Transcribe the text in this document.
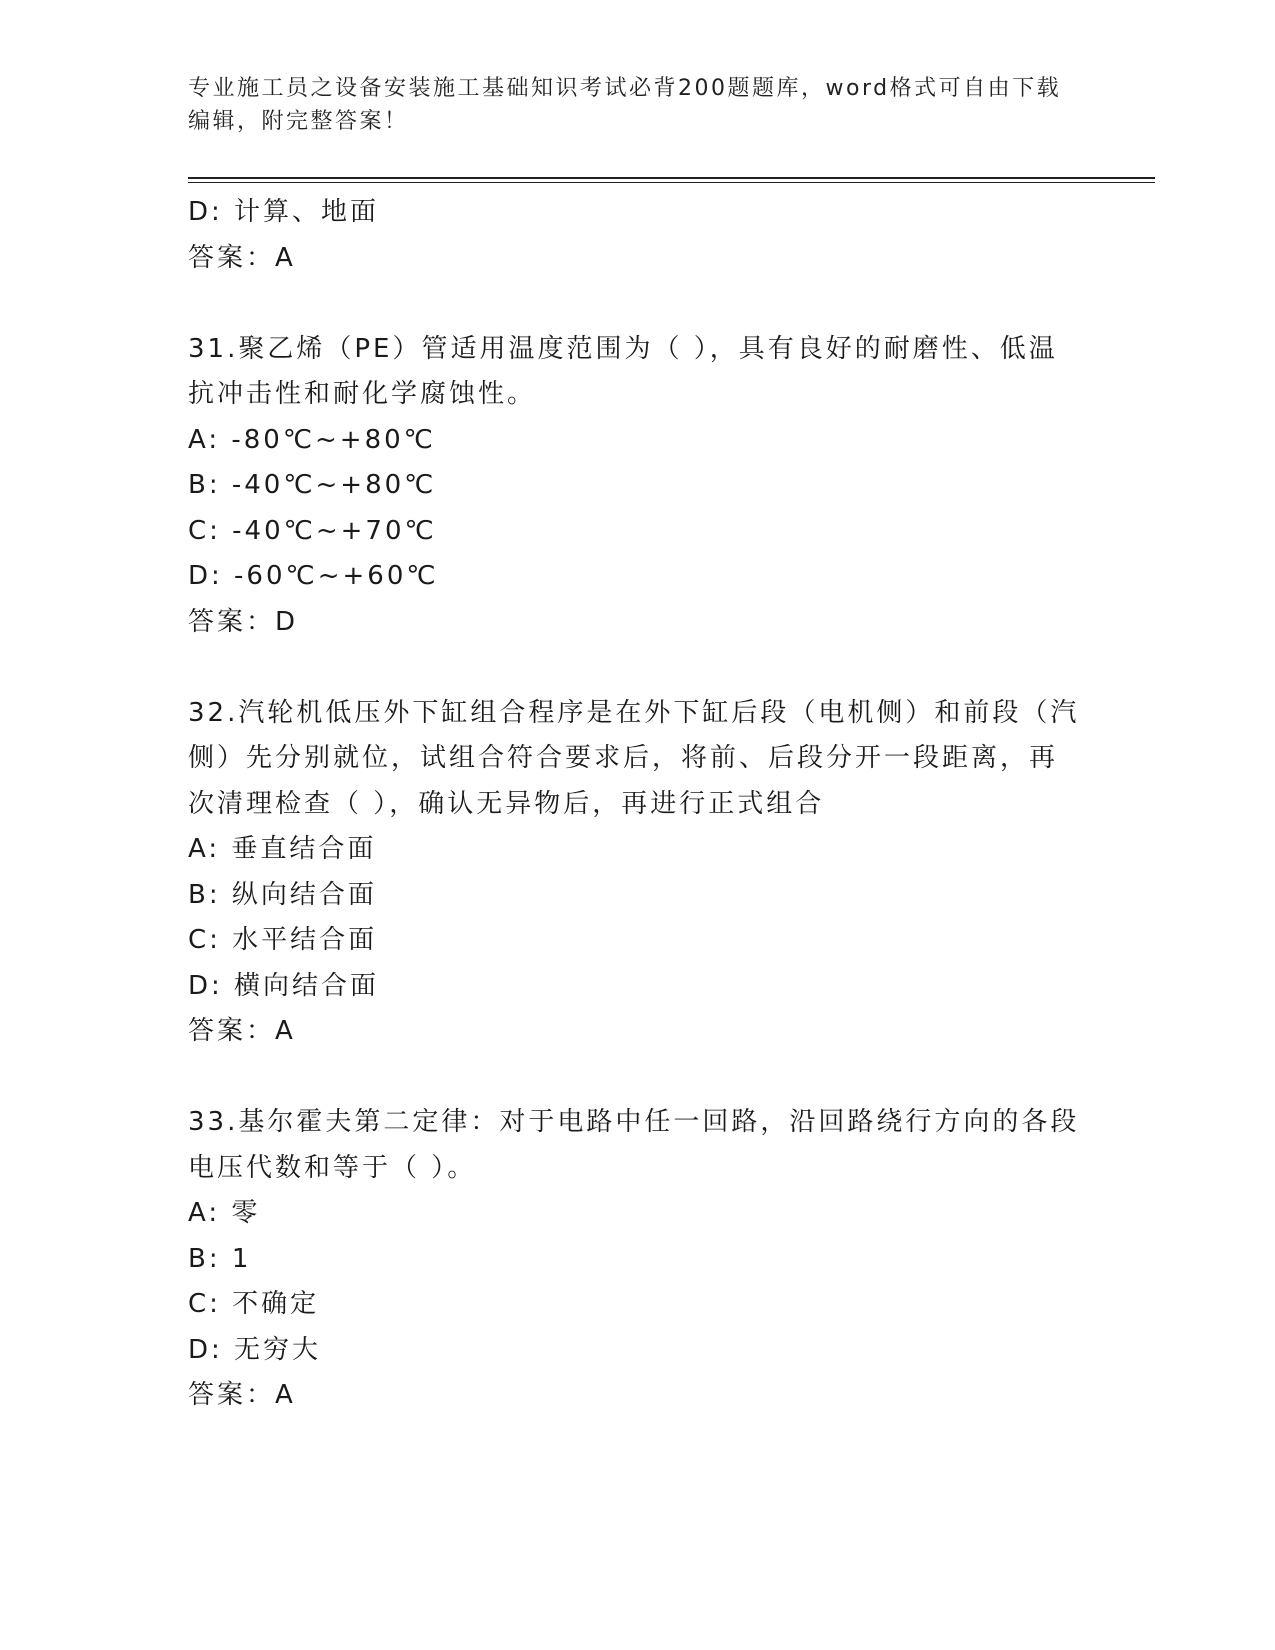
专业施工员之设备安装施工基础知识考试必背200题题库，word格式可自由下载
编辑，附完整答案！
D: 计算、地面
答案：A
31.聚乙烯（PE）管适用温度范围为（ ），具有良好的耐磨性、低温
抗冲击性和耐化学腐蚀性。
A: -80℃~+80℃
B: -40℃~+80℃
C: -40℃~+70℃
D: -60℃~+60℃
答案：D
32.汽轮机低压外下缸组合程序是在外下缸后段（电机侧）和前段（汽
侧）先分别就位，试组合符合要求后，将前、后段分开一段距离，再
次清理检查（ ），确认无异物后，再进行正式组合
A: 垂直结合面
B: 纵向结合面
C: 水平结合面
D: 横向结合面
答案：A
33.基尔霍夫第二定律：对于电路中任一回路，沿回路绕行方向的各段
电压代数和等于（ ）。
A: 零
B: 1
C: 不确定
D: 无穷大
答案：A
